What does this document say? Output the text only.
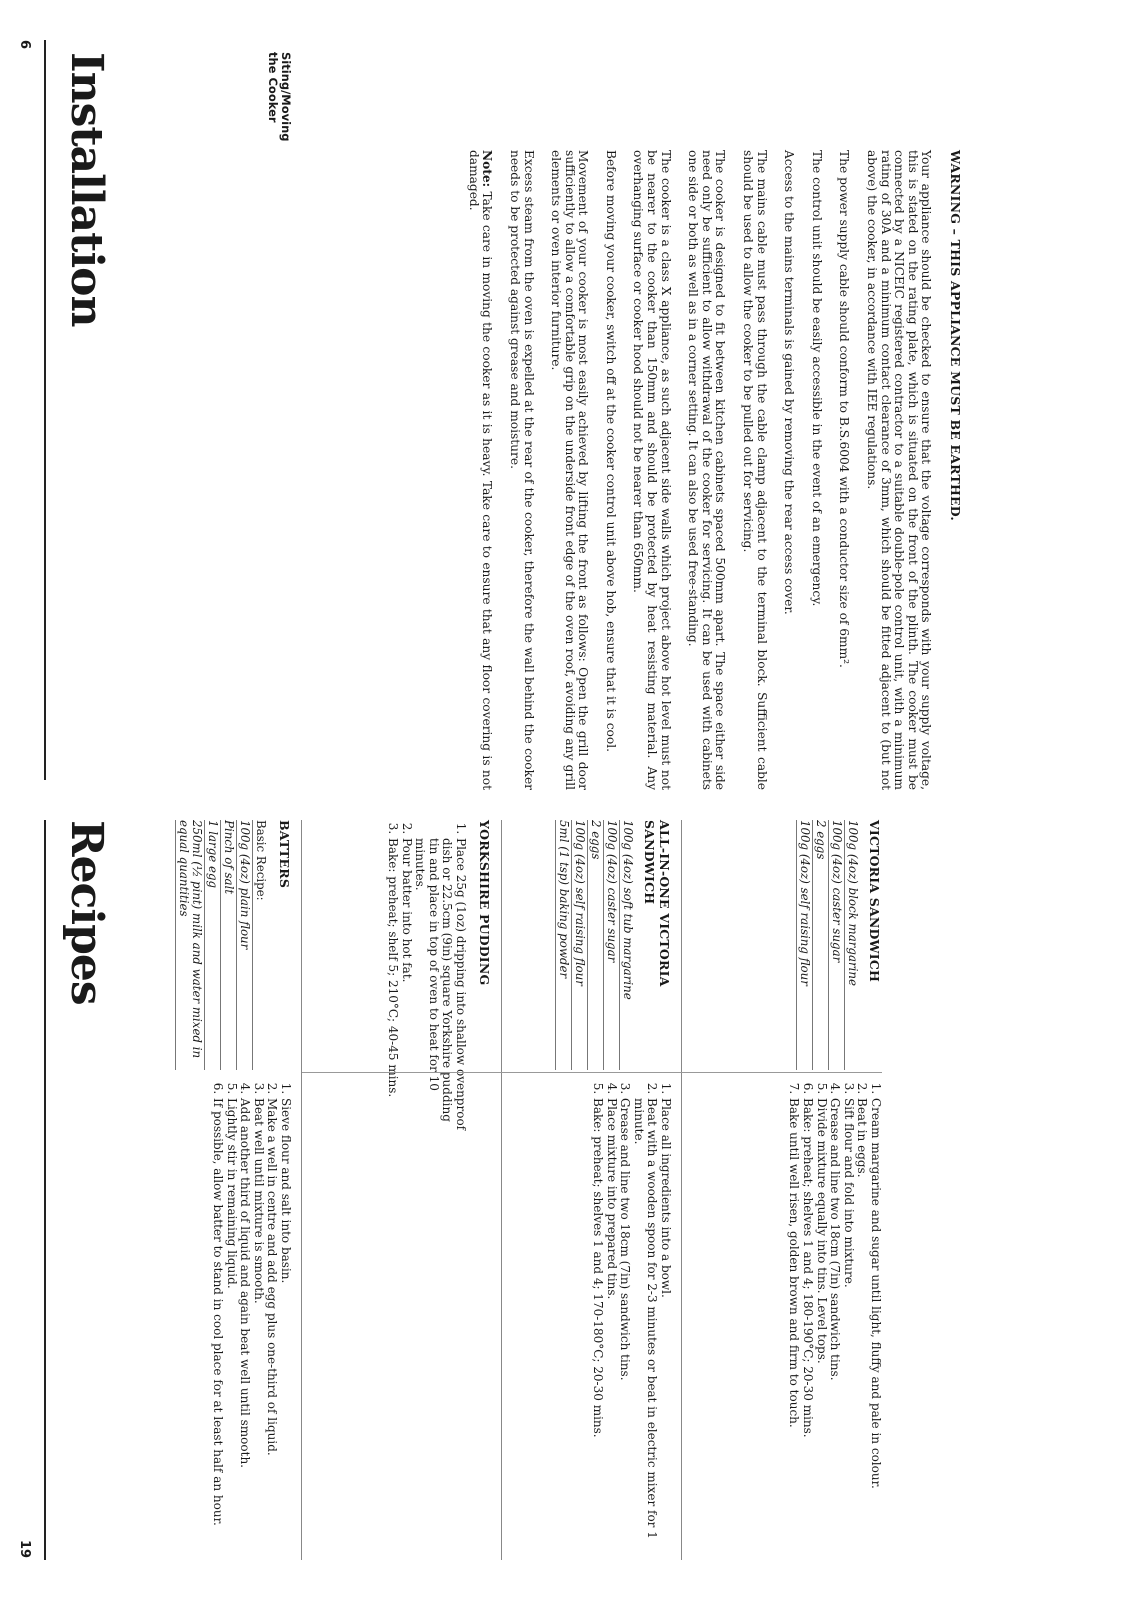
Installation	Siting/Moving the Cooker
WARNING – THIS APPLIANCE MUST BE EARTHED.

Your appliance should be checked to ensure that the voltage corresponds with your supply voltage, this is stated on the rating plate, which is situated on the front of the plinth. The cooker must be connected by a NICEIC registered contractor to a suitable double-pole control unit, with a minimum rating of 30A and a minimum contact clearance of 3mm, which should be fitted adjacent to (but not above) the cooker, in accordance with IEE regulations.

The power supply cable should conform to B.S.6004 with a conductor size of 6mm².

The control unit should be easily accessible in the event of an emergency.

Access to the mains terminals is gained by removing the rear access cover.

The mains cable must pass through the cable clamp adjacent to the terminal block. Sufficient cable should be used to allow the cooker to be pulled out for servicing.

The cooker is designed to fit between kitchen cabinets spaced 500mm apart. The space either side need only be sufficient to allow withdrawal of the cooker for servicing. It can be used with cabinets one side or both as well as in a corner setting. It can also be used free-standing.

The cooker is a class X appliance, as such adjacent side walls which project above hot level must not be nearer to the cooker than 150mm and should be protected by heat resisting material. Any overhanging surface or cooker hood should not be nearer than 650mm.

Before moving your cooker, switch off at the cooker control unit above hob, ensure that it is cool.

Movement of your cooker is most easily achieved by lifting the front as follows: Open the grill door sufficiently to allow a comfortable grip on the underside front edge of the oven roof, avoiding any grill elements or oven interior furniture.

Excess steam from the oven is expelled at the rear of the cooker, therefore the wall behind the cooker needs to be protected against grease and moisture.

Note: Take care in moving the cooker as it is heavy. Take care to ensure that any floor covering is not damaged.

6
Recipes
19
BATTERS
Basic Recipe:
100g (4oz) plain flour
Pinch of salt
1 large egg
250ml (½ pint) milk and water mixed in equal quantities
1. Sieve flour and salt into basin.
2. Make a well in centre and add egg plus one-third of liquid.
3. Beat well until mixture is smooth.
4. Add another third of liquid and again beat well until smooth.
5. Lightly stir in remaining liquid.
6. If possible, allow batter to stand in cool place for at least half an hour.
YORKSHIRE PUDDING
1. Place 25g (1oz) dripping into shallow ovenproof dish or 22.5cm (9in) square Yorkshire pudding tin and place in top of oven to heat for 10 minutes.
2. Pour batter into hot fat.
3. Bake: preheat; shelf 5; 210°C; 40-45 mins.	ALL-IN-ONE VICTORIA SANDWICH
100g (4oz) soft tub margarine
100g (4oz) caster sugar
2 eggs
100g (4oz) self raising flour
5ml (1 tsp) baking powder
1. Place all ingredients into a bowl.
2. Beat with a wooden spoon for 2-3 minutes or beat in electric mixer for 1 minute.
3. Grease and line two 18cm (7in) sandwich tins.
4. Place mixture into prepared tins.
5. Bake: preheat; shelves 1 and 4; 170-180°C; 20-30 mins.
VICTORIA SANDWICH
100g (4oz) block margarine
100g (4oz) caster sugar
2 eggs
100g (4oz) self raising flour
1. Cream margarine and sugar until light, fluffy and pale in colour.
2. Beat in eggs.
3. Sift flour and fold into mixture.
4. Grease and line two 18cm (7in) sandwich tins.
5. Divide mixture equally into tins. Level tops.
6. Bake: preheat; shelves 1 and 4; 180-190°C; 20-30 mins.
7. Bake until well risen, golden brown and firm to touch.
